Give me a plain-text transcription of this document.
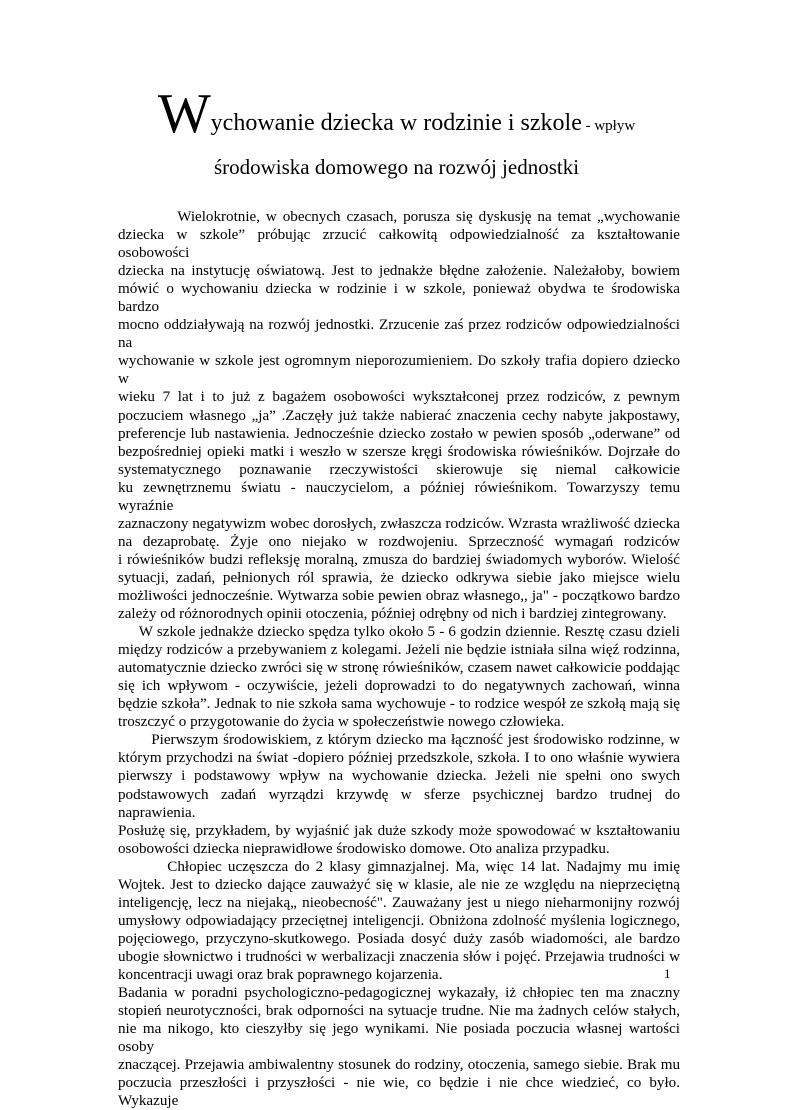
Wychowanie dziecka w rodzinie i szkole - wpływ
środowiska domowego na rozwój jednostki

Wielokrotnie, w obecnych czasach, porusza się dyskusję na temat „wychowanie

dziecka w szkole” próbując zrzucić całkowitą odpowiedzialność za kształtowanie osobowości

dziecka na instytucję oświatową. Jest to jednakże błędne założenie. Należałoby, bowiem

mówić o wychowaniu dziecka w rodzinie i w szkole, ponieważ obydwa te środowiska bardzo

mocno oddziaływają na rozwój jednostki. Zrzucenie zaś przez rodziców odpowiedzialności na

wychowanie w szkole jest ogromnym nieporozumieniem. Do szkoły trafia dopiero dziecko w

wieku 7 lat i to już z bagażem osobowości wykształconej przez rodziców, z pewnym

poczuciem własnego „ja” .Zaczęły już także nabierać znaczenia cechy nabyte jakpostawy,

preferencje lub nastawienia. Jednocześnie dziecko zostało w pewien sposób „oderwane” od

bezpośredniej opieki matki i weszło w szersze kręgi środowiska rówieśników. Dojrzałe do

systematycznego poznawanie rzeczywistości skierowuje się niemal całkowicie

ku zewnętrznemu światu - nauczycielom, a później rówieśnikom. Towarzyszy temu wyraźnie

zaznaczony negatywizm wobec dorosłych, zwłaszcza rodziców. Wzrasta wrażliwość dziecka

na dezaprobatę. Żyje ono niejako w rozdwojeniu. Sprzeczność wymagań rodziców

i rówieśników budzi refleksję moralną, zmusza do bardziej świadomych wyborów. Wielość

sytuacji, zadań, pełnionych ról sprawia, że dziecko odkrywa siebie jako miejsce wielu

możliwości jednocześnie. Wytwarza sobie pewien obraz własnego,, ja" - początkowo bardzo

zależy od różnorodnych opinii otoczenia, później odrębny od nich i bardziej zintegrowany.

W szkole jednakże dziecko spędza tylko około 5 - 6 godzin dziennie. Resztę czasu dzieli

między rodziców a przebywaniem z kolegami. Jeżeli nie będzie istniała silna więź rodzinna,

automatycznie dziecko zwróci się w stronę rówieśników, czasem nawet całkowicie poddając

się ich wpływom - oczywiście, jeżeli doprowadzi to do negatywnych zachowań, winna

będzie szkoła”. Jednak to nie szkoła sama wychowuje - to rodzice wespół ze szkołą mają się

troszczyć o przygotowanie do życia w społeczeństwie nowego człowieka.

Pierwszym środowiskiem, z którym dziecko ma łączność jest środowisko rodzinne, w

którym przychodzi na świat -dopiero później przedszkole, szkoła. I to ono właśnie wywiera

pierwszy i podstawowy wpływ na wychowanie dziecka. Jeżeli nie spełni ono swych

podstawowych zadań wyrządzi krzywdę w sferze psychicznej bardzo trudnej do naprawienia.

Posłużę się, przykładem, by wyjaśnić jak duże szkody może spowodować w kształtowaniu

osobowości dziecka nieprawidłowe środowisko domowe. Oto analiza przypadku.

Chłopiec uczęszcza do 2 klasy gimnazjalnej. Ma, więc 14 lat. Nadajmy mu imię

Wojtek. Jest to dziecko dające zauważyć się w klasie, ale nie ze względu na nieprzeciętną

inteligencję, lecz na niejaką„ nieobecność". Zauważany jest u niego nieharmonijny rozwój

umysłowy odpowiadający przeciętnej inteligencji. Obniżona zdolność myślenia logicznego,

pojęciowego, przyczyno-skutkowego. Posiada dosyć duży zasób wiadomości, ale bardzo

ubogie słownictwo i trudności w werbalizacji znaczenia słów i pojęć. Przejawia trudności w

koncentracji uwagi oraz brak poprawnego kojarzenia.

Badania w poradni psychologiczno-pedagogicznej wykazały, iż chłopiec ten ma znaczny

stopień neurotyczności, brak odporności na sytuacje trudne. Nie ma żadnych celów stałych,

nie ma nikogo, kto cieszyłby się jego wynikami. Nie posiada poczucia własnej wartości osoby

znaczącej. Przejawia ambiwalentny stosunek do rodziny, otoczenia, samego siebie. Brak mu

poczucia przeszłości i przyszłości - nie wie, co będzie i nie chce wiedzieć, co było. Wykazuje

1
